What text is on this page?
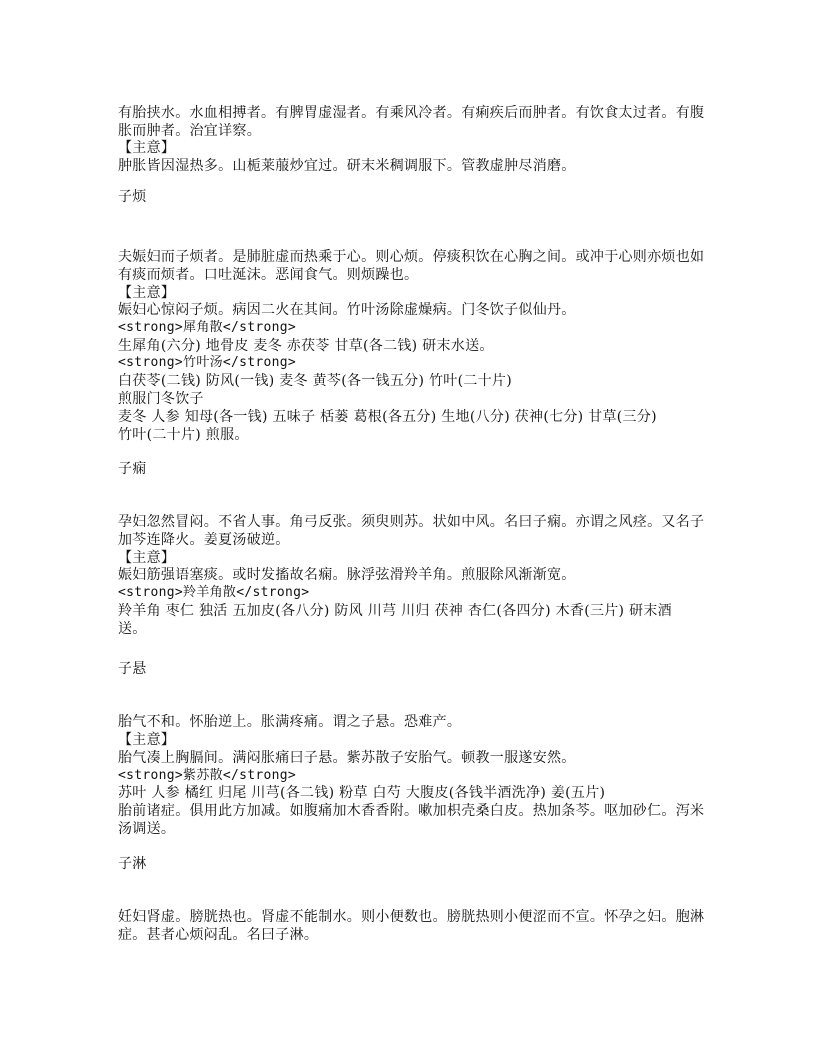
有胎挟水。水血相搏者。有脾胃虚湿者。有乘风冷者。有痢疾后而肿者。有饮食太过者。有腹
胀而肿者。治宜详察。
【主意】
肿胀皆因湿热多。山栀莱菔炒宜过。研末米稠调服下。管教虚肿尽消磨。
子烦
夫娠妇而子烦者。是肺脏虚而热乘于心。则心烦。停痰积饮在心胸之间。或冲于心则亦烦也如
有痰而烦者。口吐涎沫。恶闻食气。则烦躁也。
【主意】
娠妇心惊闷子烦。病因二火在其间。竹叶汤除虚燥病。门冬饮子似仙丹。
<strong>犀角散</strong>
生犀角(六分) 地骨皮 麦冬 赤茯苓 甘草(各二钱) 研末水送。
<strong>竹叶汤</strong>
白茯苓(二钱) 防风(一钱) 麦冬 黄芩(各一钱五分) 竹叶(二十片)
煎服门冬饮子
麦冬 人参 知母(各一钱) 五味子 栝蒌 葛根(各五分) 生地(八分) 茯神(七分) 甘草(三分)
竹叶(二十片) 煎服。
子痫
孕妇忽然冒闷。不省人事。角弓反张。须臾则苏。状如中风。名曰子痫。亦谓之风痉。又名子
加芩连降火。姜夏汤破逆。
【主意】
娠妇筋强语塞痰。或时发搐故名痫。脉浮弦滑羚羊角。煎服除风渐渐宽。
<strong>羚羊角散</strong>
羚羊角 枣仁 独活 五加皮(各八分) 防风 川芎 川归 茯神 杏仁(各四分) 木香(三片) 研末酒
送。
子悬
胎气不和。怀胎逆上。胀满疼痛。谓之子悬。恐难产。
【主意】
胎气凑上胸膈间。满闷胀痛曰子悬。紫苏散子安胎气。顿教一服遂安然。
<strong>紫苏散</strong>
苏叶 人参 橘红 归尾 川芎(各二钱) 粉草 白芍 大腹皮(各钱半酒洗净) 姜(五片)
胎前诸症。俱用此方加减。如腹痛加木香香附。嗽加枳壳桑白皮。热加条芩。呕加砂仁。泻米
汤调送。
子淋
妊妇肾虚。膀胱热也。肾虚不能制水。则小便数也。膀胱热则小便涩而不宣。怀孕之妇。胞淋
症。甚者心烦闷乱。名曰子淋。
